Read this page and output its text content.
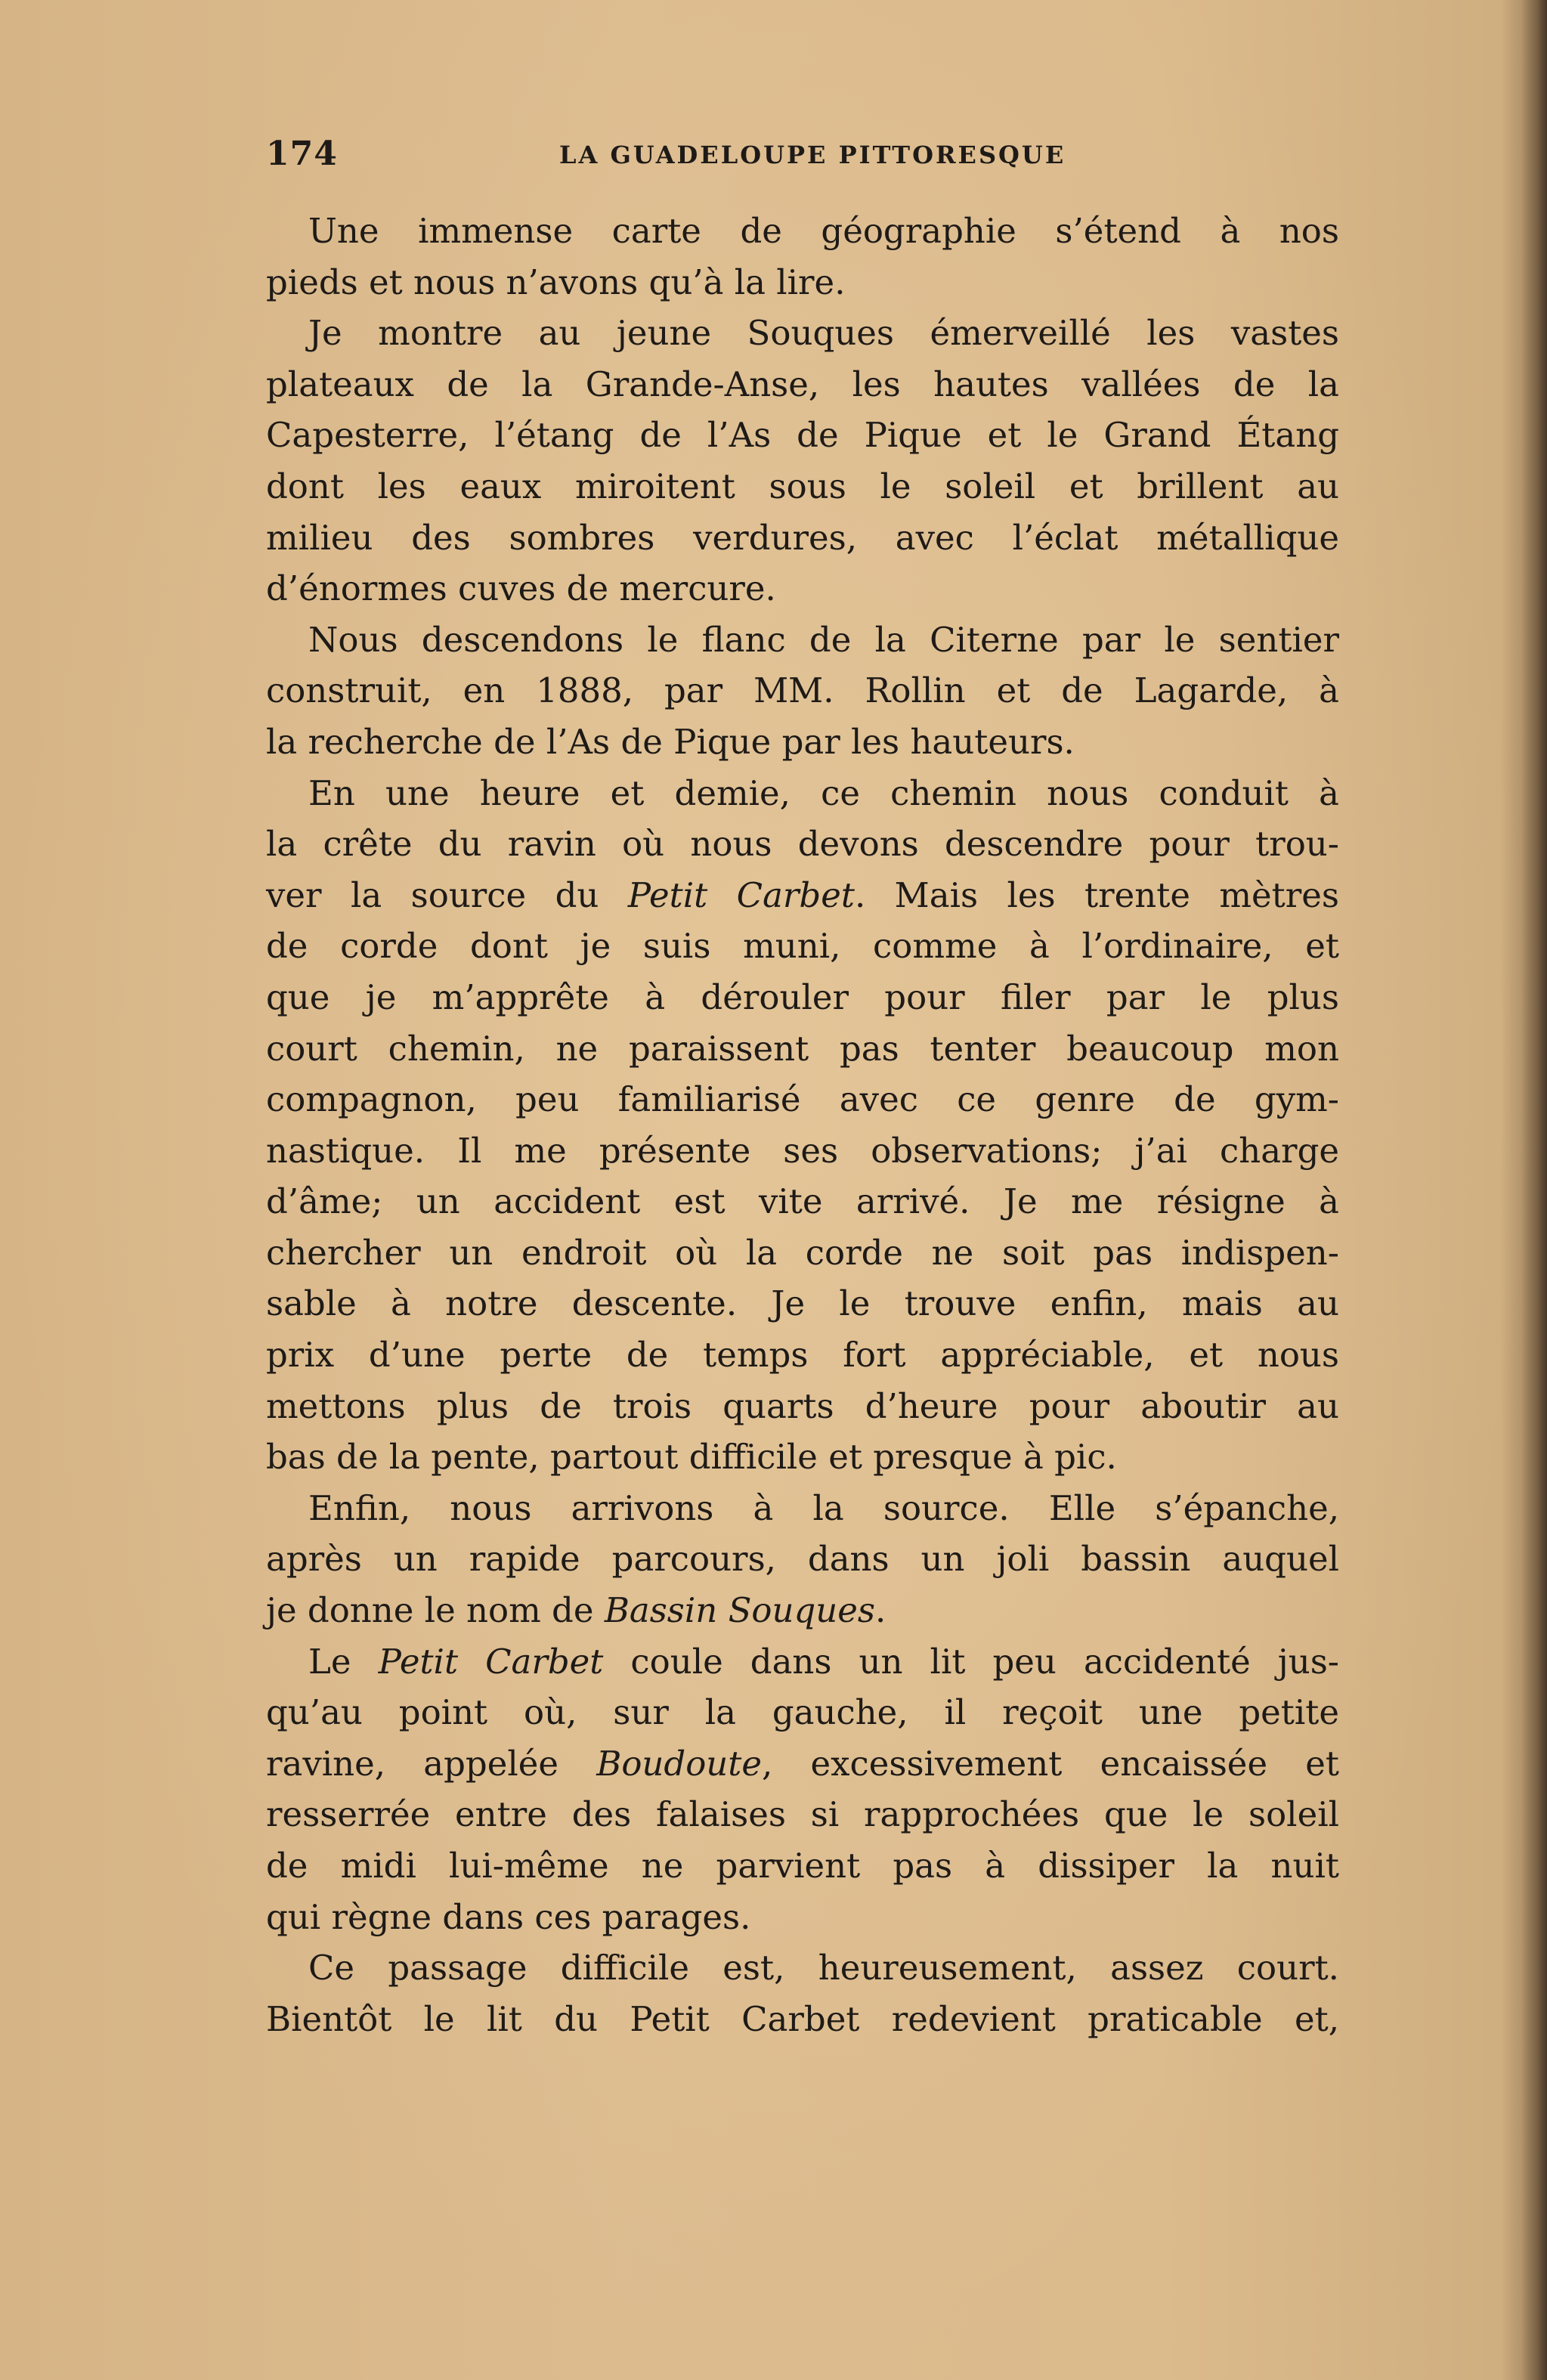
174	LA GUADELOUPE PITTORESQUE
Une immense carte de géographie s’étend à nos
pieds et nous n’avons qu’à la lire.
Je montre au jeune Souques émerveillé les vastes
plateaux de la Grande-Anse, les hautes vallées de la
Capesterre, l’étang de l’As de Pique et le Grand Étang
dont les eaux miroitent sous le soleil et brillent au
milieu des sombres verdures, avec l’éclat métallique
d’énormes cuves de mercure.
Nous descendons le flanc de la Citerne par le sentier
construit, en 1888, par MM. Rollin et de Lagarde, à
la recherche de l’As de Pique par les hauteurs.
En une heure et demie, ce chemin nous conduit à
la crête du ravin où nous devons descendre pour trou-
ver la source du Petit Carbet. Mais les trente mètres
de corde dont je suis muni, comme à l’ordinaire, et
que je m’apprête à dérouler pour filer par le plus
court chemin, ne paraissent pas tenter beaucoup mon
compagnon, peu familiarisé avec ce genre de gym-
nastique. Il me présente ses observations; j’ai charge
d’âme; un accident est vite arrivé. Je me résigne à
chercher un endroit où la corde ne soit pas indispen-
sable à notre descente. Je le trouve enfin, mais au
prix d’une perte de temps fort appréciable, et nous
mettons plus de trois quarts d’heure pour aboutir au
bas de la pente, partout difficile et presque à pic.
Enfin, nous arrivons à la source. Elle s’épanche,
après un rapide parcours, dans un joli bassin auquel
je donne le nom de Bassin Souques.
Le Petit Carbet coule dans un lit peu accidenté jus-
qu’au point où, sur la gauche, il reçoit une petite
ravine, appelée Boudoute, excessivement encaissée et
resserrée entre des falaises si rapprochées que le soleil
de midi lui-même ne parvient pas à dissiper la nuit
qui règne dans ces parages.
Ce passage difficile est, heureusement, assez court.
Bientôt le lit du Petit Carbet redevient praticable et,
